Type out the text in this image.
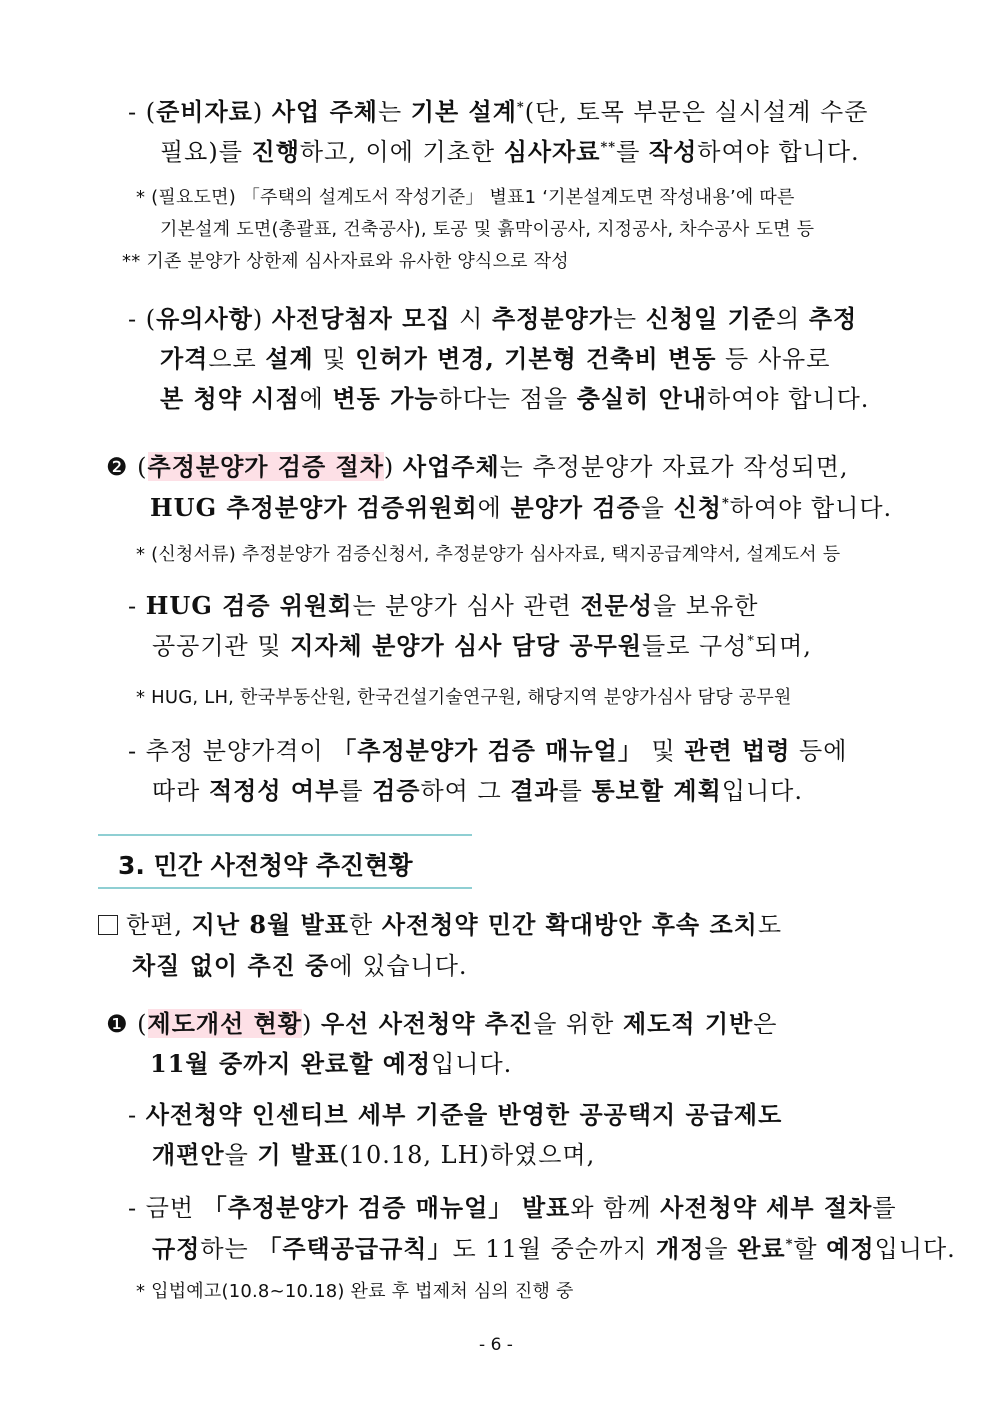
- (준비자료) 사업 주체는 기본 설계*(단, 토목 부문은 실시설계 수준
필요)를 진행하고, 이에 기초한 심사자료**를 작성하여야 합니다.
* (필요도면) 「주택의 설계도서 작성기준」 별표1 ‘기본설계도면 작성내용’에 따른
기본설계 도면(총괄표, 건축공사), 토공 및 흙막이공사, 지정공사, 차수공사 도면 등
** 기존 분양가 상한제 심사자료와 유사한 양식으로 작성
- (유의사항) 사전당첨자 모집 시 추정분양가는 신청일 기준의 추정
가격으로 설계 및 인허가 변경, 기본형 건축비 변동 등 사유로
본 청약 시점에 변동 가능하다는 점을 충실히 안내하여야 합니다.
❷ (추정분양가 검증 절차) 사업주체는 추정분양가 자료가 작성되면,
HUG 추정분양가 검증위원회에 분양가 검증을 신청*하여야 합니다.
* (신청서류) 추정분양가 검증신청서, 추정분양가 심사자료, 택지공급계약서, 설계도서 등
- HUG 검증 위원회는 분양가 심사 관련 전문성을 보유한
공공기관 및 지자체 분양가 심사 담당 공무원들로 구성*되며,
* HUG, LH, 한국부동산원, 한국건설기술연구원, 해당지역 분양가심사 담당 공무원
- 추정 분양가격이 「추정분양가 검증 매뉴얼」 및 관련 법령 등에
따라 적정성 여부를 검증하여 그 결과를 통보할 계획입니다.
3. 민간 사전청약 추진현황
한편, 지난 8월 발표한 사전청약 민간 확대방안 후속 조치도
차질 없이 추진 중에 있습니다.
❶ (제도개선 현황) 우선 사전청약 추진을 위한 제도적 기반은
11월 중까지 완료할 예정입니다.
- 사전청약 인센티브 세부 기준을 반영한 공공택지 공급제도
개편안을 기 발표(10.18, LH)하였으며,
- 금번 「추정분양가 검증 매뉴얼」 발표와 함께 사전청약 세부 절차를
규정하는 「주택공급규칙」도 11월 중순까지 개정을 완료*할 예정입니다.
* 입법예고(10.8~10.18) 완료 후 법제처 심의 진행 중
- 6 -
